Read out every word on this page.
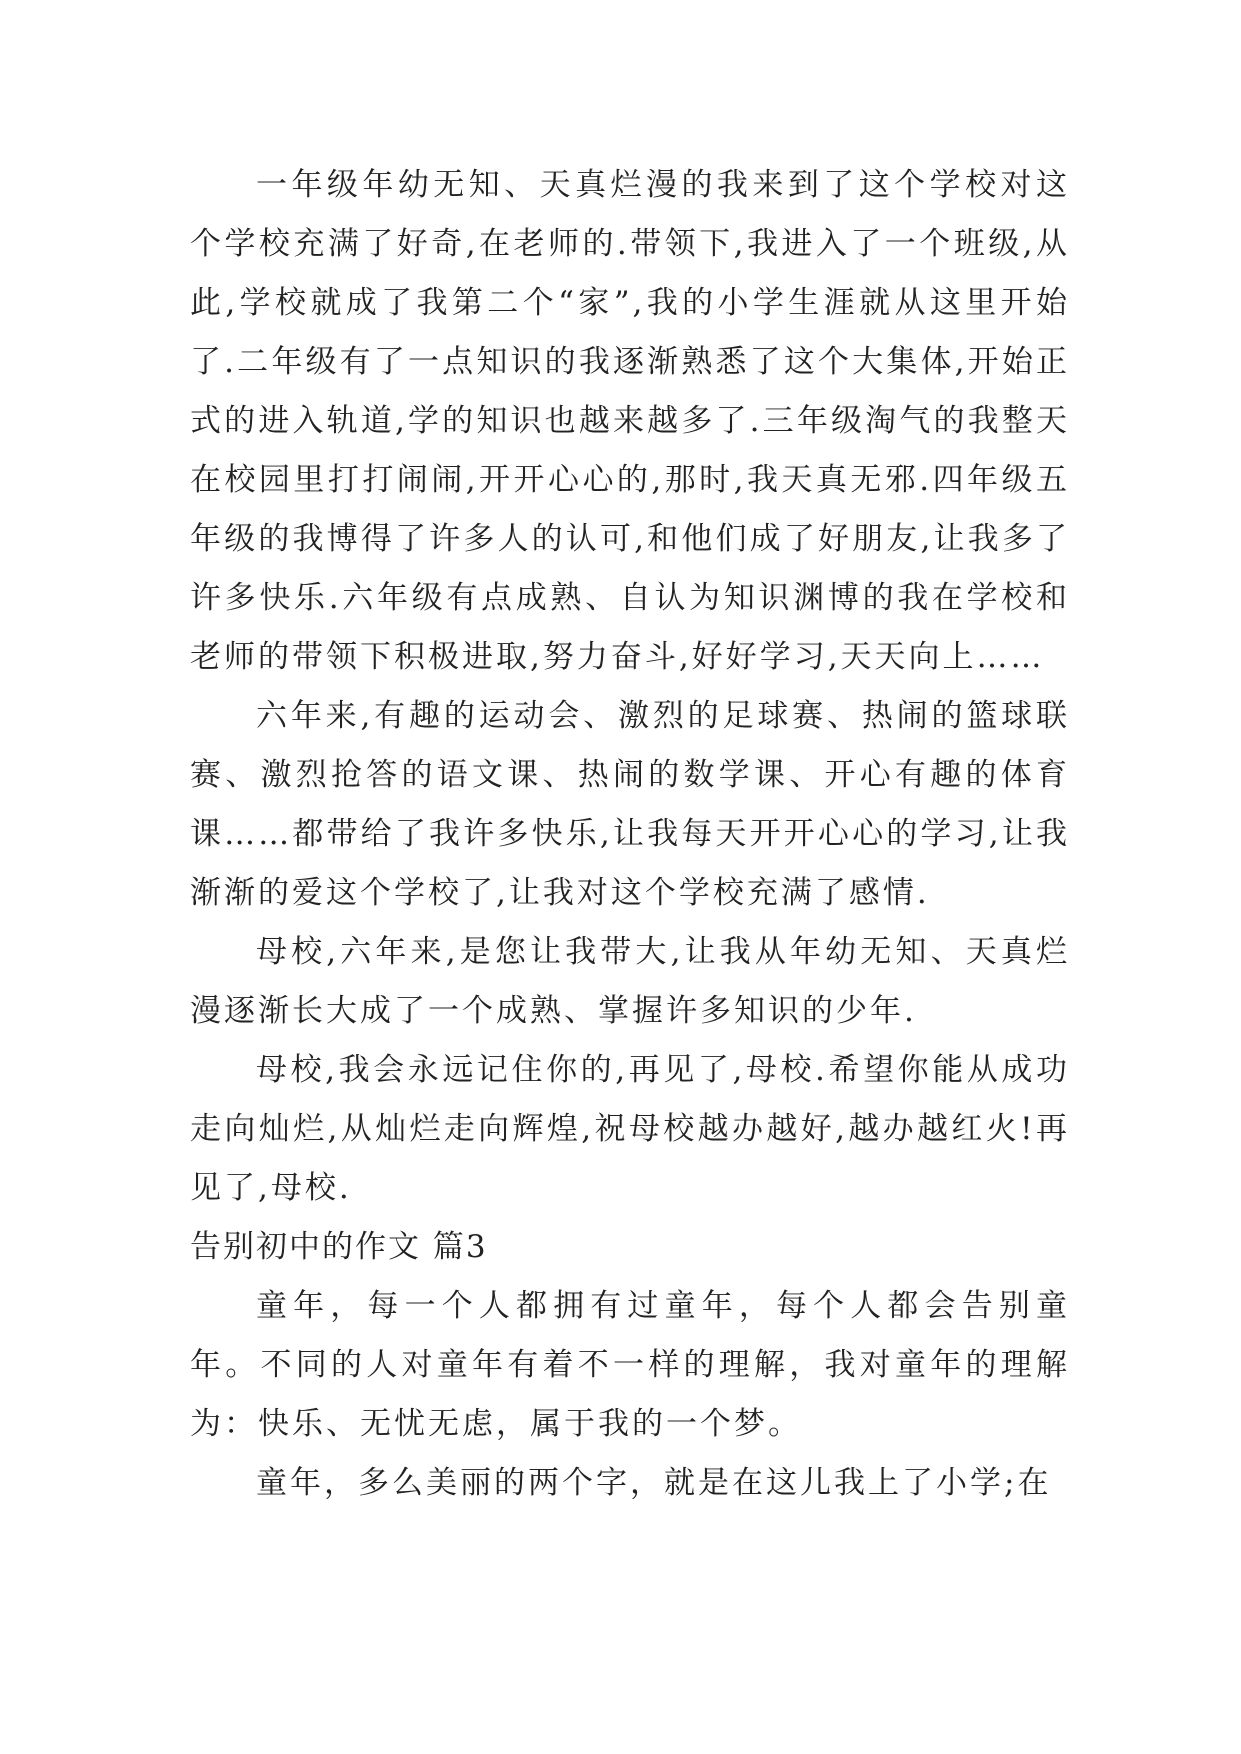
一年级年幼无知、天真烂漫的我来到了这个学校对这个学校充满了好奇,在老师的.带领下,我进入了一个班级,从此,学校就成了我第二个“家”,我的小学生涯就从这里开始了.二年级有了一点知识的我逐渐熟悉了这个大集体,开始正式的进入轨道,学的知识也越来越多了.三年级淘气的我整天在校园里打打闹闹,开开心心的,那时,我天真无邪.四年级五年级的我博得了许多人的认可,和他们成了好朋友,让我多了许多快乐.六年级有点成熟、自认为知识渊博的我在学校和老师的带领下积极进取,努力奋斗,好好学习,天天向上……

六年来,有趣的运动会、激烈的足球赛、热闹的篮球联赛、激烈抢答的语文课、热闹的数学课、开心有趣的体育课……都带给了我许多快乐,让我每天开开心心的学习,让我渐渐的爱这个学校了,让我对这个学校充满了感情.

母校,六年来,是您让我带大,让我从年幼无知、天真烂漫逐渐长大成了一个成熟、掌握许多知识的少年.

母校,我会永远记住你的,再见了,母校.希望你能从成功走向灿烂,从灿烂走向辉煌,祝母校越办越好,越办越红火!再见了,母校.

告别初中的作文 篇3

童年，每一个人都拥有过童年，每个人都会告别童年。不同的人对童年有着不一样的理解，我对童年的理解为：快乐、无忧无虑，属于我的一个梦。

童年，多么美丽的两个字，就是在这儿我上了小学;在
